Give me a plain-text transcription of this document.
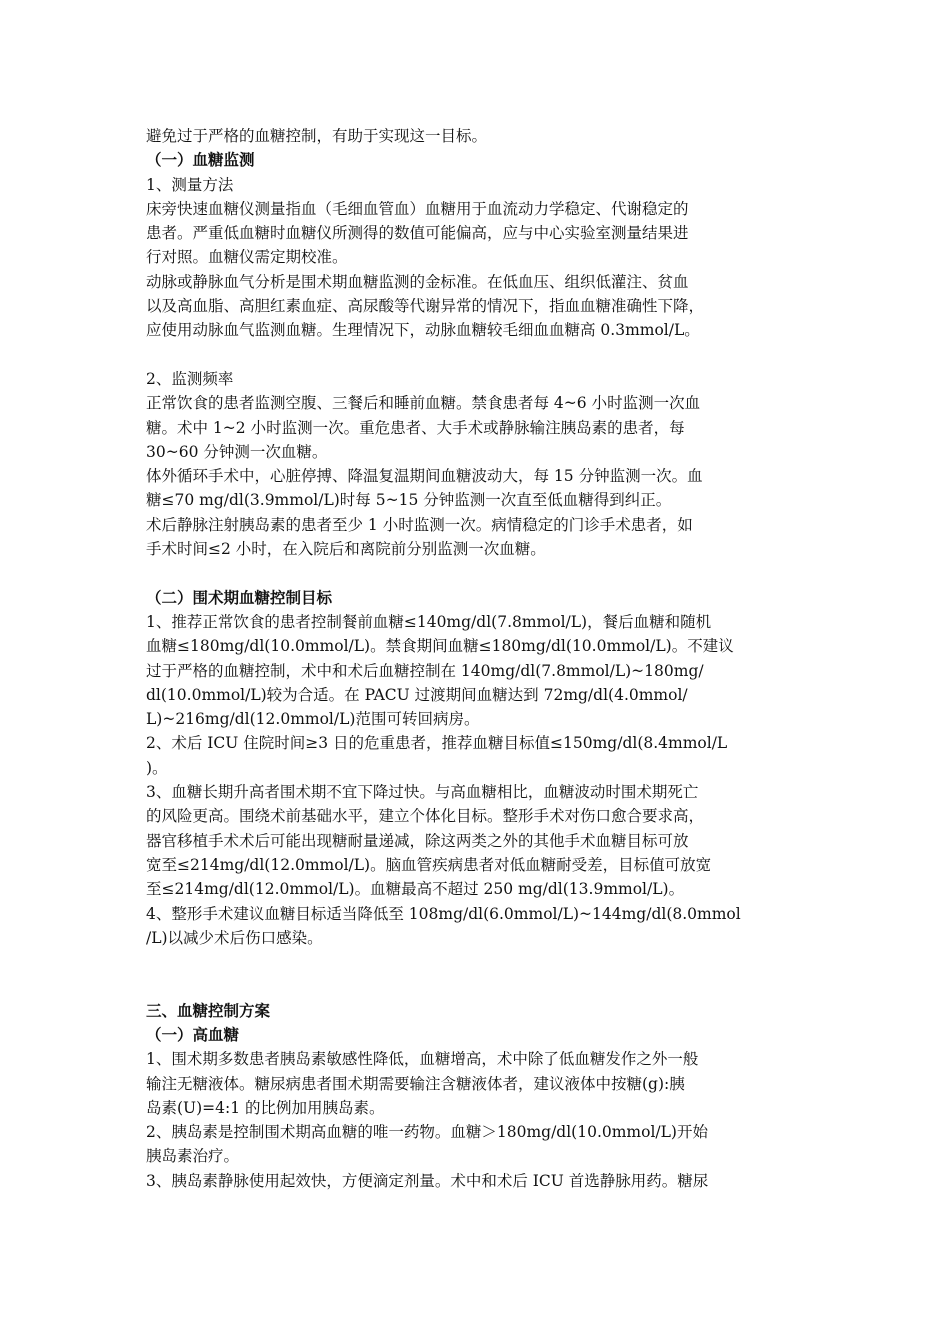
避免过于严格的血糖控制，有助于实现这一目标。

（一）血糖监测

1、测量方法

床旁快速血糖仪测量指血（毛细血管血）血糖用于血流动力学稳定、代谢稳定的

患者。严重低血糖时血糖仪所测得的数值可能偏高，应与中心实验室测量结果进

行对照。血糖仪需定期校准。

动脉或静脉血气分析是围术期血糖监测的金标准。在低血压、组织低灌注、贫血

以及高血脂、高胆红素血症、高尿酸等代谢异常的情况下，指血血糖准确性下降，

应使用动脉血气监测血糖。生理情况下，动脉血糖较毛细血血糖高 0.3mmol/L。

2、监测频率

正常饮食的患者监测空腹、三餐后和睡前血糖。禁食患者每 4~6 小时监测一次血

糖。术中 1~2 小时监测一次。重危患者、大手术或静脉输注胰岛素的患者，每

30~60 分钟测一次血糖。

体外循环手术中，心脏停搏、降温复温期间血糖波动大，每 15 分钟监测一次。血

糖≤70 mg/dl(3.9mmol/L)时每 5~15 分钟监测一次直至低血糖得到纠正。

术后静脉注射胰岛素的患者至少 1 小时监测一次。病情稳定的门诊手术患者，如

手术时间≤2 小时，在入院后和离院前分别监测一次血糖。

（二）围术期血糖控制目标

1、推荐正常饮食的患者控制餐前血糖≤140mg/dl(7.8mmol/L)，餐后血糖和随机

血糖≤180mg/dl(10.0mmol/L)。禁食期间血糖≤180mg/dl(10.0mmol/L)。不建议

过于严格的血糖控制，术中和术后血糖控制在 140mg/dl(7.8mmol/L)~180mg/

dl(10.0mmol/L)较为合适。在 PACU 过渡期间血糖达到 72mg/dl(4.0mmol/

L)~216mg/dl(12.0mmol/L)范围可转回病房。

2、术后 ICU 住院时间≥3 日的危重患者，推荐血糖目标值≤150mg/dl(8.4mmol/L

)。

3、血糖长期升高者围术期不宜下降过快。与高血糖相比，血糖波动时围术期死亡

的风险更高。围绕术前基础水平，建立个体化目标。整形手术对伤口愈合要求高，

器官移植手术术后可能出现糖耐量递减，除这两类之外的其他手术血糖目标可放

宽至≤214mg/dl(12.0mmol/L)。脑血管疾病患者对低血糖耐受差，目标值可放宽

至≤214mg/dl(12.0mmol/L)。血糖最高不超过 250 mg/dl(13.9mmol/L)。

4、整形手术建议血糖目标适当降低至 108mg/dl(6.0mmol/L)~144mg/dl(8.0mmol

/L)以减少术后伤口感染。

三、血糖控制方案

（一）高血糖

1、围术期多数患者胰岛素敏感性降低，血糖增高，术中除了低血糖发作之外一般

输注无糖液体。糖尿病患者围术期需要输注含糖液体者，建议液体中按糖(g):胰

岛素(U)=4:1 的比例加用胰岛素。

2、胰岛素是控制围术期高血糖的唯一药物。血糖＞180mg/dl(10.0mmol/L)开始

胰岛素治疗。

3、胰岛素静脉使用起效快，方便滴定剂量。术中和术后 ICU 首选静脉用药。糖尿
